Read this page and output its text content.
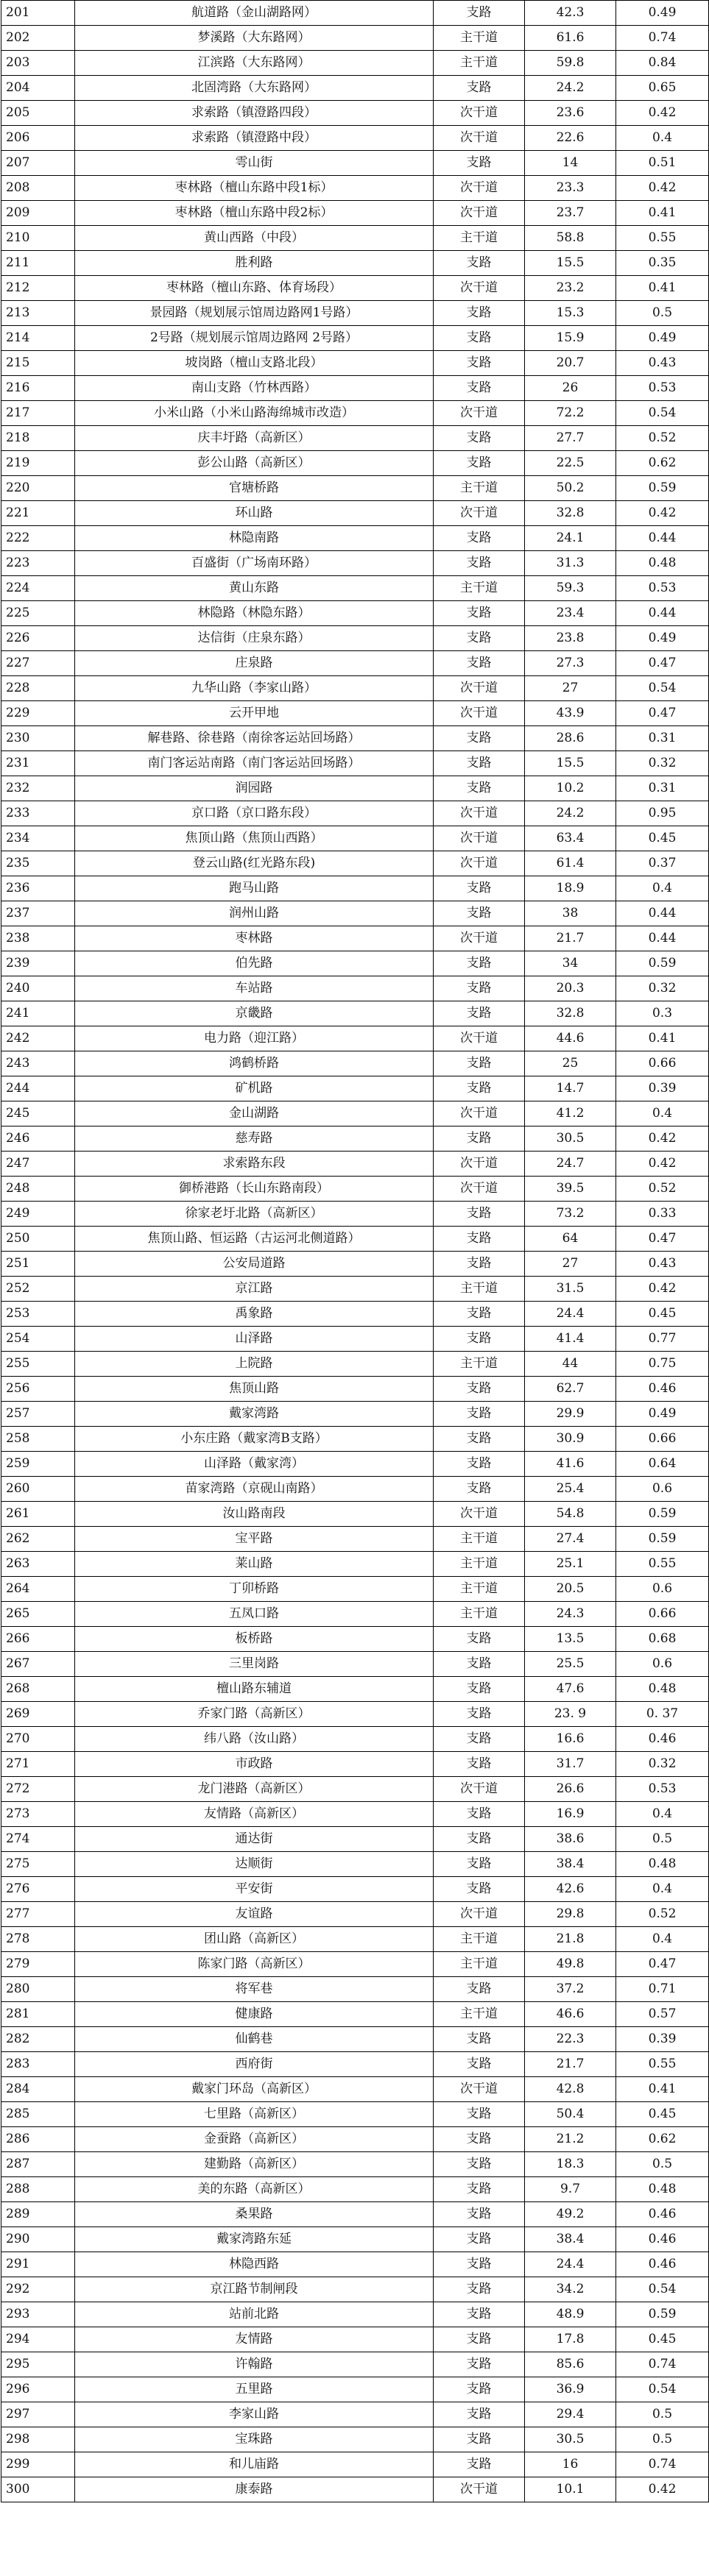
201	航道路（金山湖路网）	支路	42.3	0.49
202	梦溪路（大东路网）	主干道	61.6	0.74
203	江滨路（大东路网）	主干道	59.8	0.84
204	北固湾路（大东路网）	支路	24.2	0.65
205	求索路（镇澄路四段）	次干道	23.6	0.42
206	求索路（镇澄路中段）	次干道	22.6	0.4
207	雩山街	支路	14	0.51
208	枣林路（檀山东路中段1标）	次干道	23.3	0.42
209	枣林路（檀山东路中段2标）	次干道	23.7	0.41
210	黄山西路（中段）	主干道	58.8	0.55
211	胜利路	支路	15.5	0.35
212	枣林路（檀山东路、体育场段）	次干道	23.2	0.41
213	景园路（规划展示馆周边路网1号路）	支路	15.3	0.5
214	2号路（规划展示馆周边路网 2号路）	支路	15.9	0.49
215	坡岗路（檀山支路北段）	支路	20.7	0.43
216	南山支路（竹林西路）	支路	26	0.53
217	小米山路（小米山路海绵城市改造）	次干道	72.2	0.54
218	庆丰圩路（高新区）	支路	27.7	0.52
219	彭公山路（高新区）	支路	22.5	0.62
220	官塘桥路	主干道	50.2	0.59
221	环山路	次干道	32.8	0.42
222	林隐南路	支路	24.1	0.44
223	百盛街（广场南环路）	支路	31.3	0.48
224	黄山东路	主干道	59.3	0.53
225	林隐路（林隐东路）	支路	23.4	0.44
226	达信街（庄泉东路）	支路	23.8	0.49
227	庄泉路	支路	27.3	0.47
228	九华山路（李家山路）	次干道	27	0.54
229	云开甲地	次干道	43.9	0.47
230	解巷路、徐巷路（南徐客运站回场路）	支路	28.6	0.31
231	南门客运站南路（南门客运站回场路）	支路	15.5	0.32
232	润园路	支路	10.2	0.31
233	京口路（京口路东段）	次干道	24.2	0.95
234	焦顶山路（焦顶山西路）	次干道	63.4	0.45
235	登云山路(红光路东段)	次干道	61.4	0.37
236	跑马山路	支路	18.9	0.4
237	润州山路	支路	38	0.44
238	枣林路	次干道	21.7	0.44
239	伯先路	支路	34	0.59
240	车站路	支路	20.3	0.32
241	京畿路	支路	32.8	0.3
242	电力路（迎江路）	次干道	44.6	0.41
243	鸿鹤桥路	支路	25	0.66
244	矿机路	支路	14.7	0.39
245	金山湖路	次干道	41.2	0.4
246	慈寿路	支路	30.5	0.42
247	求索路东段	次干道	24.7	0.42
248	御桥港路（长山东路南段）	次干道	39.5	0.52
249	徐家老圩北路（高新区）	支路	73.2	0.33
250	焦顶山路、恒运路（古运河北侧道路）	支路	64	0.47
251	公安局道路	支路	27	0.43
252	京江路	主干道	31.5	0.42
253	禹象路	支路	24.4	0.45
254	山泽路	支路	41.4	0.77
255	上院路	主干道	44	0.75
256	焦顶山路	支路	62.7	0.46
257	戴家湾路	支路	29.9	0.49
258	小东庄路（戴家湾B支路）	支路	30.9	0.66
259	山泽路（戴家湾）	支路	41.6	0.64
260	苗家湾路（京砚山南路）	支路	25.4	0.6
261	汝山路南段	次干道	54.8	0.59
262	宝平路	主干道	27.4	0.59
263	莱山路	主干道	25.1	0.55
264	丁卯桥路	主干道	20.5	0.6
265	五凤口路	主干道	24.3	0.66
266	板桥路	支路	13.5	0.68
267	三里岗路	支路	25.5	0.6
268	檀山路东辅道	支路	47.6	0.48
269	乔家门路（高新区）	支路	23. 9	0. 37
270	纬八路（汝山路）	支路	16.6	0.46
271	市政路	支路	31.7	0.32
272	龙门港路（高新区）	次干道	26.6	0.53
273	友情路（高新区）	支路	16.9	0.4
274	通达街	支路	38.6	0.5
275	达顺街	支路	38.4	0.48
276	平安街	支路	42.6	0.4
277	友谊路	次干道	29.8	0.52
278	团山路（高新区）	主干道	21.8	0.4
279	陈家门路（高新区）	主干道	49.8	0.47
280	将军巷	支路	37.2	0.71
281	健康路	主干道	46.6	0.57
282	仙鹤巷	支路	22.3	0.39
283	西府街	支路	21.7	0.55
284	戴家门环岛（高新区）	次干道	42.8	0.41
285	七里路（高新区）	支路	50.4	0.45
286	金蚕路（高新区）	支路	21.2	0.62
287	建勤路（高新区）	支路	18.3	0.5
288	美的东路（高新区）	支路	9.7	0.48
289	桑果路	支路	49.2	0.46
290	戴家湾路东延	支路	38.4	0.46
291	林隐西路	支路	24.4	0.46
292	京江路节制闸段	支路	34.2	0.54
293	站前北路	支路	48.9	0.59
294	友情路	支路	17.8	0.45
295	许翰路	支路	85.6	0.74
296	五里路	支路	36.9	0.54
297	李家山路	支路	29.4	0.5
298	宝珠路	支路	30.5	0.5
299	和儿庙路	支路	16	0.74
300	康泰路	次干道	10.1	0.42
